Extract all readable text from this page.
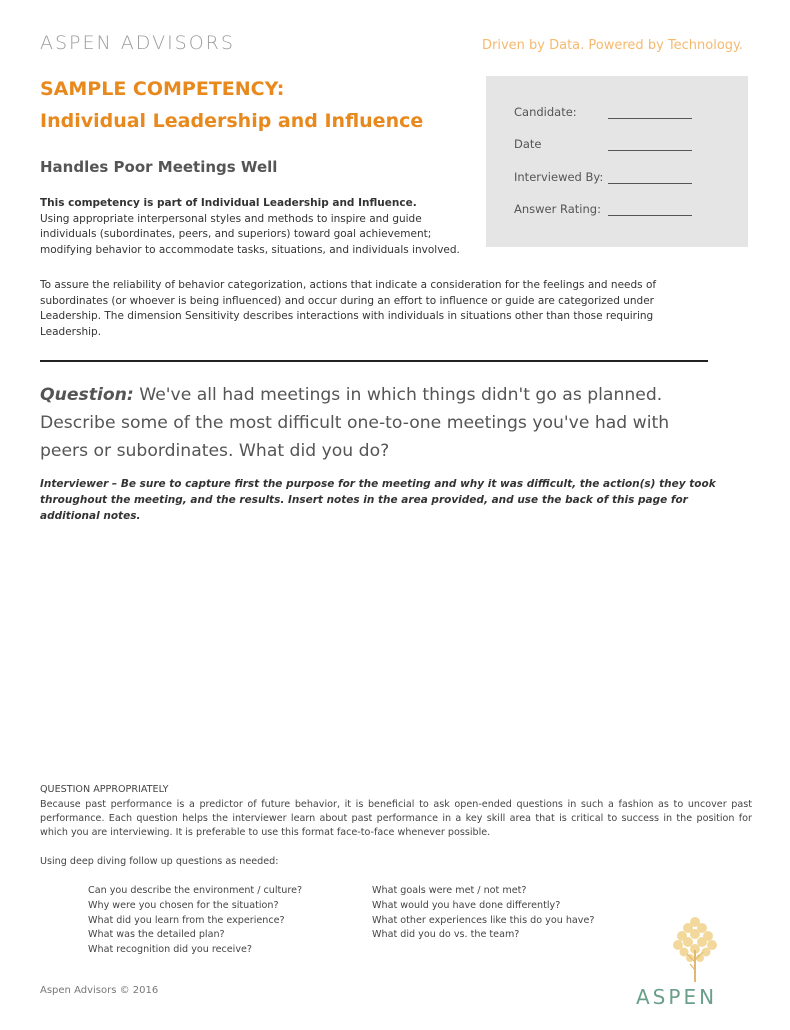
ASPEN ADVISORS	Driven by Data. Powered by Technology.
SAMPLE COMPETENCY:
Individual Leadership and Influence
Handles Poor Meetings Well
Candidate:
Date
Interviewed By:
Answer Rating:
This competency is part of Individual Leadership and Influence.
Using appropriate interpersonal styles and methods to inspire and guide individuals (subordinates, peers, and superiors) toward goal achievement; modifying behavior to accommodate tasks, situations, and individuals involved.
To assure the reliability of behavior categorization, actions that indicate a consideration for the feelings and needs of subordinates (or whoever is being influenced) and occur during an effort to influence or guide are categorized under Leadership. The dimension Sensitivity describes interactions with individuals in situations other than those requiring Leadership.
Question: We've all had meetings in which things didn't go as planned. Describe some of the most difficult one-to-one meetings you've had with peers or subordinates. What did you do?
Interviewer – Be sure to capture first the purpose for the meeting and why it was difficult, the action(s) they took throughout the meeting, and the results. Insert notes in the area provided, and use the back of this page for additional notes.
QUESTION APPROPRIATELY
Because past performance is a predictor of future behavior, it is beneficial to ask open-ended questions in such a fashion as to uncover past performance. Each question helps the interviewer learn about past performance in a key skill area that is critical to success in the position for which you are interviewing. It is preferable to use this format face-to-face whenever possible.
Using deep diving follow up questions as needed:
Can you describe the environment / culture?
Why were you chosen for the situation?
What did you learn from the experience?
What was the detailed plan?
What recognition did you receive?
What goals were met / not met?
What would you have done differently?
What other experiences like this do you have?
What did you do vs. the team?
Aspen Advisors © 2016	ASPEN
